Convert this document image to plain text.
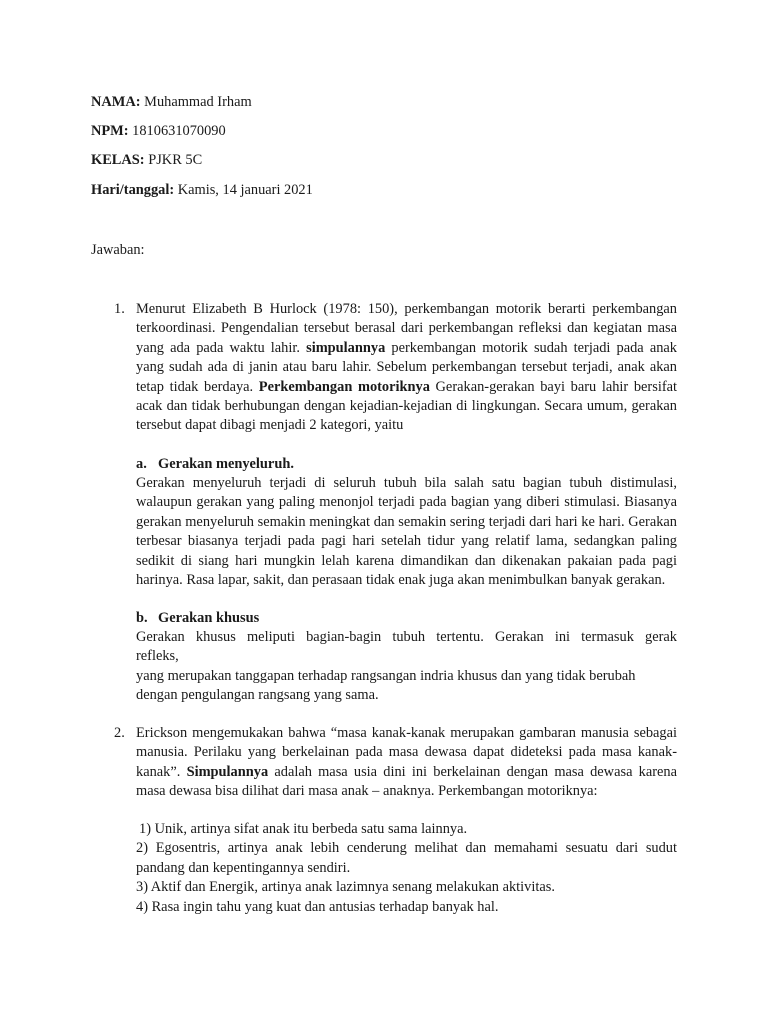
NAMA: Muhammad Irham
NPM: 1810631070090
KELAS: PJKR 5C
Hari/tanggal: Kamis, 14 januari 2021
Jawaban:
1. Menurut Elizabeth B Hurlock (1978: 150), perkembangan motorik berarti perkembangan terkoordinasi. Pengendalian tersebut berasal dari perkembangan refleksi dan kegiatan masa yang ada pada waktu lahir. simpulannya perkembangan motorik sudah terjadi pada anak yang sudah ada di janin atau baru lahir. Sebelum perkembangan tersebut terjadi, anak akan tetap tidak berdaya. Perkembangan motoriknya Gerakan-gerakan bayi baru lahir bersifat acak dan tidak berhubungan dengan kejadian-kejadian di lingkungan. Secara umum, gerakan tersebut dapat dibagi menjadi 2 kategori, yaitu
a. Gerakan menyeluruh.
Gerakan menyeluruh terjadi di seluruh tubuh bila salah satu bagian tubuh distimulasi, walaupun gerakan yang paling menonjol terjadi pada bagian yang diberi stimulasi. Biasanya gerakan menyeluruh semakin meningkat dan semakin sering terjadi dari hari ke hari. Gerakan terbesar biasanya terjadi pada pagi hari setelah tidur yang relatif lama, sedangkan paling sedikit di siang hari mungkin lelah karena dimandikan dan dikenakan pakaian pada pagi harinya. Rasa lapar, sakit, dan perasaan tidak enak juga akan menimbulkan banyak gerakan.
b. Gerakan khusus
Gerakan khusus meliputi bagian-bagin tubuh tertentu. Gerakan ini termasuk gerak
refleks,
yang merupakan tanggapan terhadap rangsangan indria khusus dan yang tidak berubah
dengan pengulangan rangsang yang sama.
2. Erickson mengemukakan bahwa “masa kanak-kanak merupakan gambaran manusia sebagai manusia. Perilaku yang berkelainan pada masa dewasa dapat dideteksi pada masa kanak-kanak”. Simpulannya adalah masa usia dini ini berkelainan dengan masa dewasa karena masa dewasa bisa dilihat dari masa anak – anaknya. Perkembangan motoriknya:
1) Unik, artinya sifat anak itu berbeda satu sama lainnya.
2) Egosentris, artinya anak lebih cenderung melihat dan memahami sesuatu dari sudut pandang dan kepentingannya sendiri.
3) Aktif dan Energik, artinya anak lazimnya senang melakukan aktivitas.
4) Rasa ingin tahu yang kuat dan antusias terhadap banyak hal.
